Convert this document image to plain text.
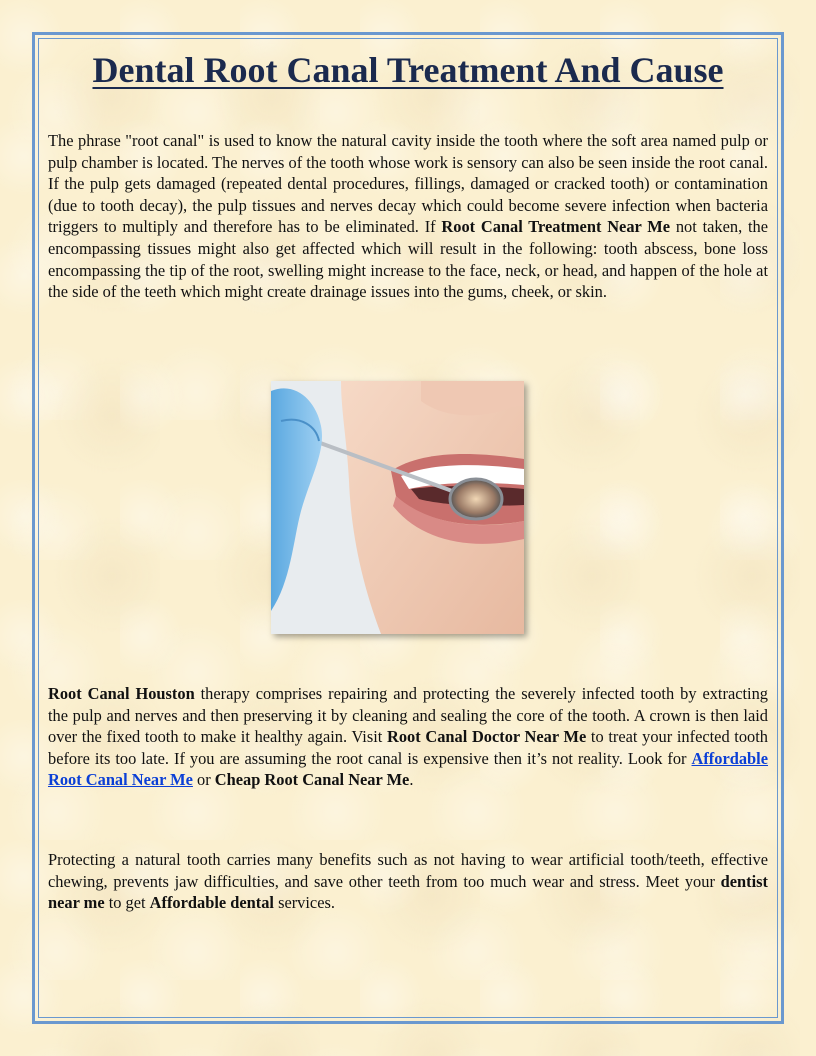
Dental Root Canal Treatment And Cause

The phrase "root canal" is used to know the natural cavity inside the tooth where the soft area named pulp or pulp chamber is located. The nerves of the tooth whose work is sensory can also be seen inside the root canal. If the pulp gets damaged (repeated dental procedures, fillings, damaged or cracked tooth) or contamination (due to tooth decay), the pulp tissues and nerves decay which could become severe infection when bacteria triggers to multiply and therefore has to be eliminated. If Root Canal Treatment Near Me not taken, the encompassing tissues might also get affected which will result in the following: tooth abscess, bone loss encompassing the tip of the root, swelling might increase to the face, neck, or head, and happen of the hole at the side of the teeth which might create drainage issues into the gums, cheek, or skin.

Root Canal Houston therapy comprises repairing and protecting the severely infected tooth by extracting the pulp and nerves and then preserving it by cleaning and sealing the core of the tooth. A crown is then laid over the fixed tooth to make it healthy again. Visit Root Canal Doctor Near Me to treat your infected tooth before its too late. If you are assuming the root canal is expensive then it’s not reality. Look for Affordable Root Canal Near Me or Cheap Root Canal Near Me.

Protecting a natural tooth carries many benefits such as not having to wear artificial tooth/teeth, effective chewing, prevents jaw difficulties, and save other teeth from too much wear and stress. Meet your dentist near me to get Affordable dental services.
